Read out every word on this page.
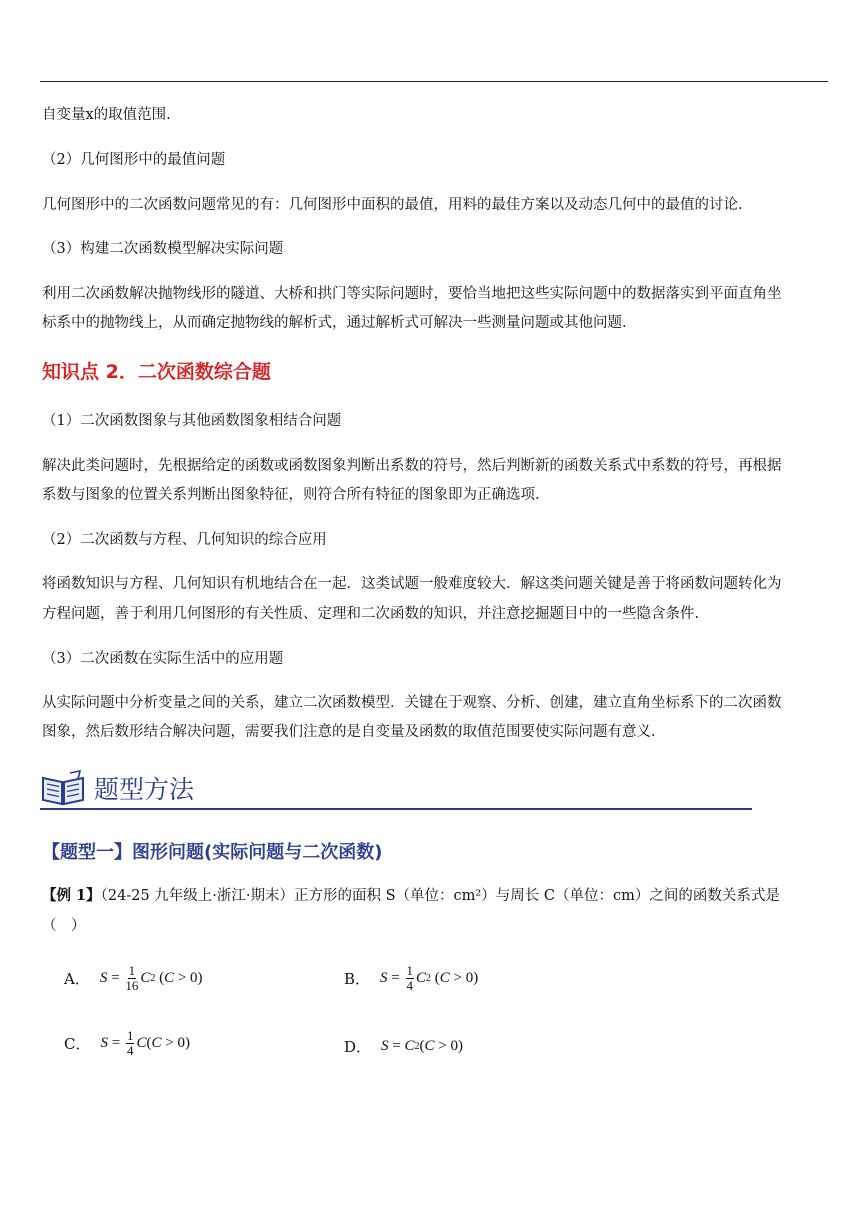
自变量x的取值范围.
（2）几何图形中的最值问题
几何图形中的二次函数问题常见的有：几何图形中面积的最值，用料的最佳方案以及动态几何中的最值的讨论.
（3）构建二次函数模型解决实际问题
利用二次函数解决抛物线形的隧道、大桥和拱门等实际问题时，要恰当地把这些实际问题中的数据落实到平面直角坐
标系中的抛物线上，从而确定抛物线的解析式，通过解析式可解决一些测量问题或其他问题.
知识点 2．二次函数综合题
（1）二次函数图象与其他函数图象相结合问题
解决此类问题时，先根据给定的函数或函数图象判断出系数的符号，然后判断新的函数关系式中系数的符号，再根据
系数与图象的位置关系判断出图象特征，则符合所有特征的图象即为正确选项.
（2）二次函数与方程、几何知识的综合应用
将函数知识与方程、几何知识有机地结合在一起．这类试题一般难度较大．解这类问题关键是善于将函数问题转化为
方程问题，善于利用几何图形的有关性质、定理和二次函数的知识，并注意挖掘题目中的一些隐含条件.
（3）二次函数在实际生活中的应用题
从实际问题中分析变量之间的关系，建立二次函数模型．关键在于观察、分析、创建，建立直角坐标系下的二次函数
图象，然后数形结合解决问题，需要我们注意的是自变量及函数的取值范围要使实际问题有意义.
题型方法
【题型一】图形问题(实际问题与二次函数)
【例 1】（24-25 九年级上·浙江·期末）正方形的面积 S（单位：cm²）与周长 C（单位：cm）之间的函数关系式是
（　）
A． $S = \frac{1}{16}$ C 2 ( C > 0)	B． $S = \frac{1}{4}$ C 2 ( C > 0)
C． $S = \frac{1}{4}$ C ( C > 0)	D． S = C 2 ( C > 0)
